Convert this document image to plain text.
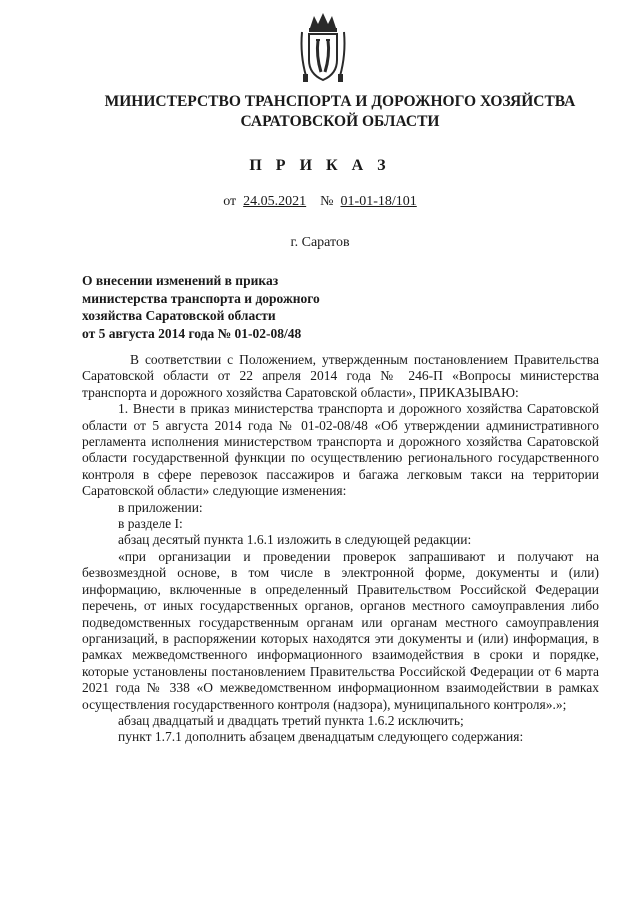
МИНИСТЕРСТВО ТРАНСПОРТА И ДОРОЖНОГО ХОЗЯЙСТВА
САРАТОВСКОЙ ОБЛАСТИ
П Р И К А З
от 24.05.2021 № 01-01-18/101
г. Саратов
О внесении изменений в приказ
министерства транспорта и дорожного
хозяйства Саратовской области
от 5 августа 2014 года № 01-02-08/48

В соответствии с Положением, утвержденным постановлением Правительства Саратовской области от 22 апреля 2014 года № 246-П «Вопросы министерства транспорта и дорожного хозяйства Саратовской области», ПРИКАЗЫВАЮ:

1. Внести в приказ министерства транспорта и дорожного хозяйства Саратовской области от 5 августа 2014 года № 01-02-08/48 «Об утверждении административного регламента исполнения министерством транспорта и дорожного хозяйства Саратовской области государственной функции по осуществлению регионального государственного контроля в сфере перевозок пассажиров и багажа легковым такси на территории Саратовской области» следующие изменения:

в приложении:

в разделе I:

абзац десятый пункта 1.6.1 изложить в следующей редакции:

«при организации и проведении проверок запрашивают и получают на безвозмездной основе, в том числе в электронной форме, документы и (или) информацию, включенные в определенный Правительством Российской Федерации перечень, от иных государственных органов, органов местного самоуправления либо подведомственных государственным органам или органам местного самоуправления организаций, в распоряжении которых находятся эти документы и (или) информация, в рамках межведомственного информационного взаимодействия в сроки и порядке, которые установлены постановлением Правительства Российской Федерации от 6 марта 2021 года № 338 «О межведомственном информационном взаимодействии в рамках осуществления государственного контроля (надзора), муниципального контроля».»;

абзац двадцатый и двадцать третий пункта 1.6.2 исключить;

пункт 1.7.1 дополнить абзацем двенадцатым следующего содержания:
